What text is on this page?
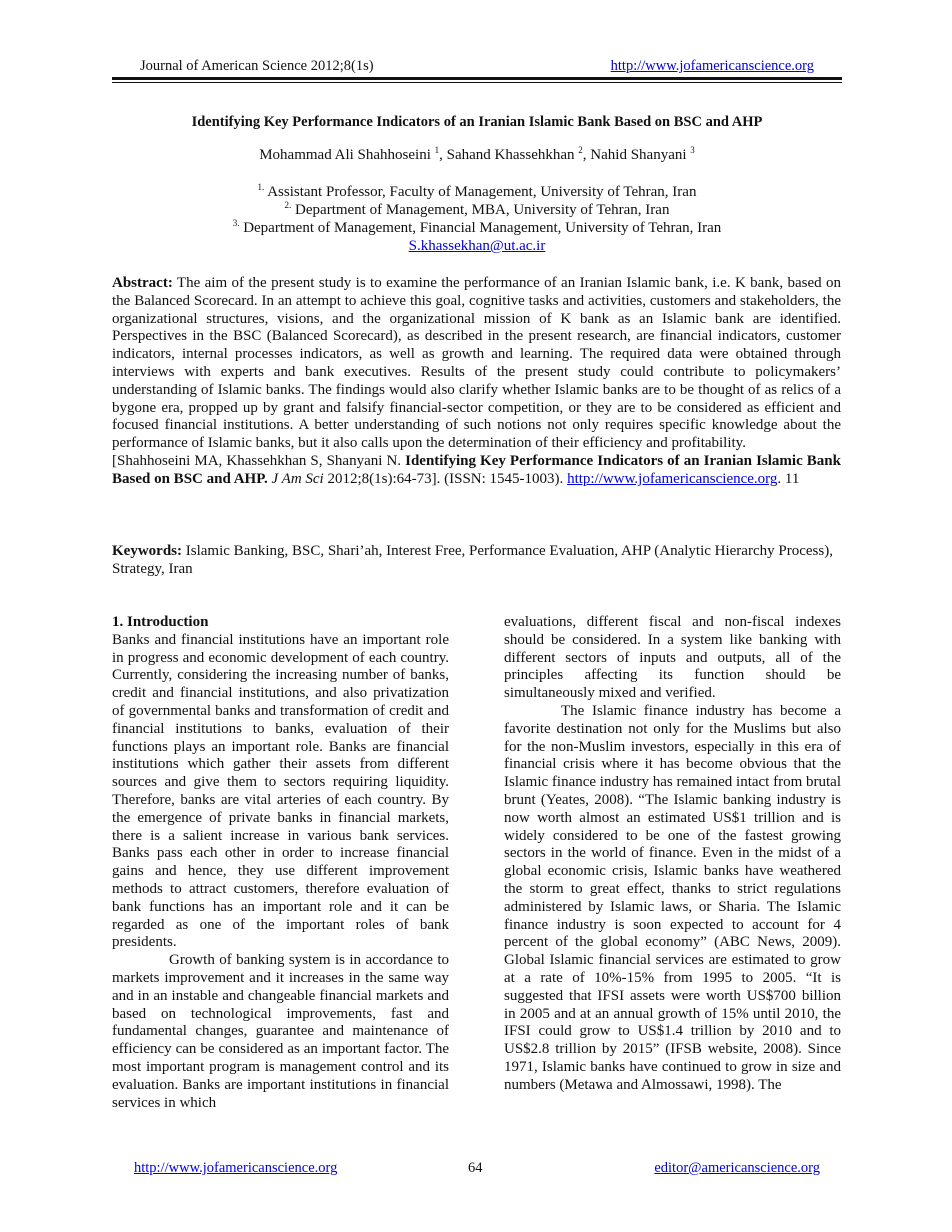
Journal of American Science 2012;8(1s)	http://www.jofamericanscience.org
Identifying Key Performance Indicators of an Iranian Islamic Bank Based on BSC and AHP
Mohammad Ali Shahhoseini $^1$, Sahand Khassehkhan $^2$, Nahid Shanyani $^3$
$^{1.}$ Assistant Professor, Faculty of Management, University of Tehran, Iran
$^{2.}$ Department of Management, MBA, University of Tehran, Iran
$^{3.}$ Department of Management, Financial Management, University of Tehran, Iran
S.khassekhan@ut.ac.ir
Abstract: The aim of the present study is to examine the performance of an Iranian Islamic bank, i.e. K bank, based on the Balanced Scorecard. In an attempt to achieve this goal, cognitive tasks and activities, customers and stakeholders, the organizational structures, visions, and the organizational mission of K bank as an Islamic bank are identified. Perspectives in the BSC (Balanced Scorecard), as described in the present research, are financial indicators, customer indicators, internal processes indicators, as well as growth and learning. The required data were obtained through interviews with experts and bank executives. Results of the present study could contribute to policymakers’ understanding of Islamic banks. The findings would also clarify whether Islamic banks are to be thought of as relics of a bygone era, propped up by grant and falsify financial-sector competition, or they are to be considered as efficient and focused financial institutions. A better understanding of such notions not only requires specific knowledge about the performance of Islamic banks, but it also calls upon the determination of their efficiency and profitability.
[Shahhoseini MA, Khassehkhan S, Shanyani N. Identifying Key Performance Indicators of an Iranian Islamic Bank Based on BSC and AHP. J Am Sci 2012;8(1s):64-73]. (ISSN: 1545-1003). http://www.jofamericanscience.org. 11
Keywords: Islamic Banking, BSC, Shari’ah, Interest Free, Performance Evaluation, AHP (Analytic Hierarchy Process), Strategy, Iran

1. Introduction

Banks and financial institutions have an important role in progress and economic development of each country. Currently, considering the increasing number of banks, credit and financial institutions, and also privatization of governmental banks and transformation of credit and financial institutions to banks, evaluation of their functions plays an important role. Banks are financial institutions which gather their assets from different sources and give them to sectors requiring liquidity. Therefore, banks are vital arteries of each country. By the emergence of private banks in financial markets, there is a salient increase in various bank services. Banks pass each other in order to increase financial gains and hence, they use different improvement methods to attract customers, therefore evaluation of bank functions has an important role and it can be regarded as one of the important roles of bank presidents.

Growth of banking system is in accordance to markets improvement and it increases in the same way and in an instable and changeable financial markets and based on technological improvements, fast and fundamental changes, guarantee and maintenance of efficiency can be considered as an important factor. The most important program is management control and its evaluation. Banks are important institutions in financial services in which

evaluations, different fiscal and non-fiscal indexes should be considered. In a system like banking with different sectors of inputs and outputs, all of the principles affecting its function should be simultaneously mixed and verified.

The Islamic finance industry has become a favorite destination not only for the Muslims but also for the non-Muslim investors, especially in this era of financial crisis where it has become obvious that the Islamic finance industry has remained intact from brutal brunt (Yeates, 2008). “The Islamic banking industry is now worth almost an estimated US$1 trillion and is widely considered to be one of the fastest growing sectors in the world of finance. Even in the midst of a global economic crisis, Islamic banks have weathered the storm to great effect, thanks to strict regulations administered by Islamic laws, or Sharia. The Islamic finance industry is soon expected to account for 4 percent of the global economy” (ABC News, 2009). Global Islamic financial services are estimated to grow at a rate of 10%-15% from 1995 to 2005. “It is suggested that IFSI assets were worth US$700 billion in 2005 and at an annual growth of 15% until 2010, the IFSI could grow to US$1.4 trillion by 2010 and to US$2.8 trillion by 2015” (IFSB website, 2008). Since 1971, Islamic banks have continued to grow in size and numbers (Metawa and Almossawi, 1998). The

http://www.jofamericanscience.org	64	editor@americanscience.org
